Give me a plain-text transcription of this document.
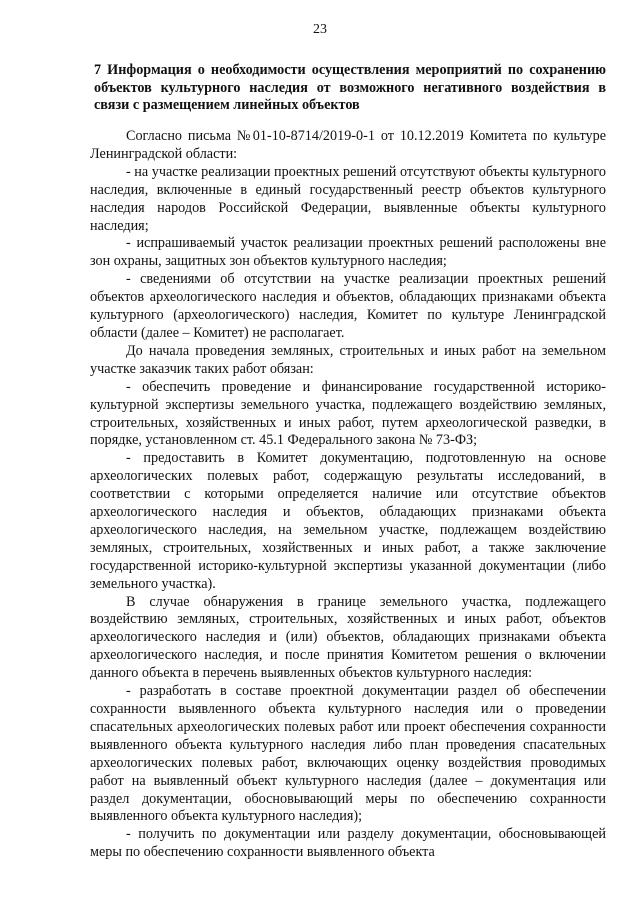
23
7 Информация о необходимости осуществления мероприятий по сохранению объектов культурного наследия от возможного негативного воздействия в связи с размещением линейных объектов

Согласно письма №01-10-8714/2019-0-1 от 10.12.2019 Комитета по культуре Ленинградской области:

- на участке реализации проектных решений отсутствуют объекты культурного наследия, включенные в единый государственный реестр объектов культурного наследия народов Российской Федерации, выявленные объекты культурного наследия;

- испрашиваемый участок реализации проектных решений расположены вне зон охраны, защитных зон объектов культурного наследия;

- сведениями об отсутствии на участке реализации проектных решений объектов археологического наследия и объектов, обладающих признаками объекта культурного (археологического) наследия, Комитет по культуре Ленинградской области (далее – Комитет) не располагает.

До начала проведения земляных, строительных и иных работ на земельном участке заказчик таких работ обязан:

- обеспечить проведение и финансирование государственной историко-культурной экспертизы земельного участка, подлежащего воздействию земляных, строительных, хозяйственных и иных работ, путем археологической разведки, в порядке, установленном ст. 45.1 Федерального закона № 73-ФЗ;

- предоставить в Комитет документацию, подготовленную на основе археологических полевых работ, содержащую результаты исследований, в соответствии с которыми определяется наличие или отсутствие объектов археологического наследия и объектов, обладающих признаками объекта археологического наследия, на земельном участке, подлежащем воздействию земляных, строительных, хозяйственных и иных работ, а также заключение государственной историко-культурной экспертизы указанной документации (либо земельного участка).

В случае обнаружения в границе земельного участка, подлежащего воздействию земляных, строительных, хозяйственных и иных работ, объектов археологического наследия и (или) объектов, обладающих признаками объекта археологического наследия, и после принятия Комитетом решения о включении данного объекта в перечень выявленных объектов культурного наследия:

- разработать в составе проектной документации раздел об обеспечении сохранности выявленного объекта культурного наследия или о проведении спасательных археологических полевых работ или проект обеспечения сохранности выявленного объекта культурного наследия либо план проведения спасательных археологических полевых работ, включающих оценку воздействия проводимых работ на выявленный объект культурного наследия (далее – документация или раздел документации, обосновывающий меры по обеспечению сохранности выявленного объекта культурного наследия);

- получить по документации или разделу документации, обосновывающей меры по обеспечению сохранности выявленного объекта
